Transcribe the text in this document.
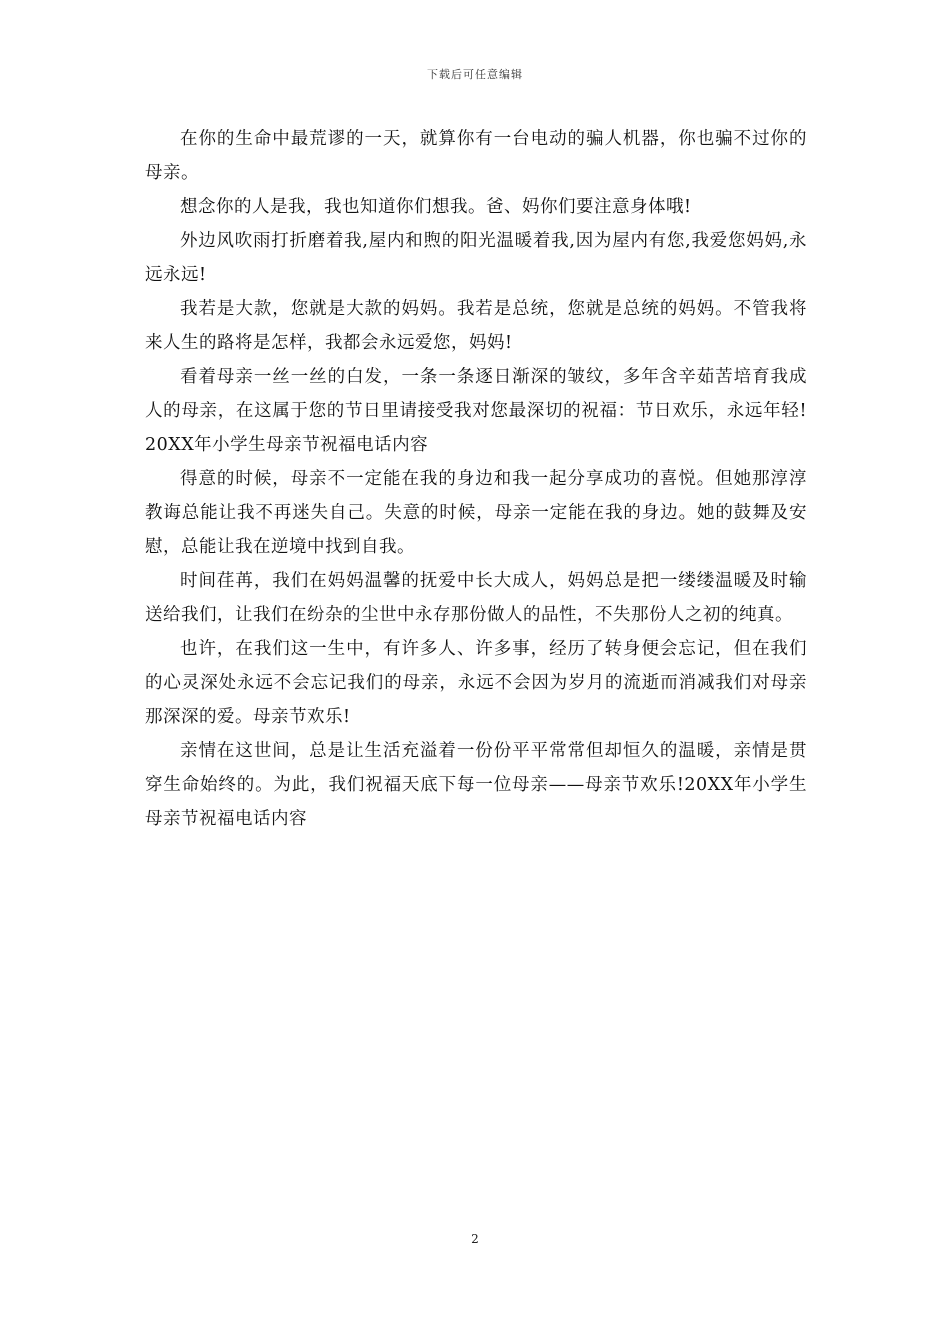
下载后可任意编辑

在你的生命中最荒谬的一天，就算你有一台电动的骗人机器，你也骗不过你的母亲。

想念你的人是我，我也知道你们想我。爸、妈你们要注意身体哦!

外边风吹雨打折磨着我,屋内和煦的阳光温暖着我,因为屋内有您,我爱您妈妈,永远永远!

我若是大款，您就是大款的妈妈。我若是总统，您就是总统的妈妈。不管我将来人生的路将是怎样，我都会永远爱您，妈妈!

看着母亲一丝一丝的白发，一条一条逐日渐深的皱纹，多年含辛茹苦培育我成人的母亲，在这属于您的节日里请接受我对您最深切的祝福：节日欢乐，永远年轻!20XX年小学生母亲节祝福电话内容

得意的时候，母亲不一定能在我的身边和我一起分享成功的喜悦。但她那淳淳教诲总能让我不再迷失自己。失意的时候，母亲一定能在我的身边。她的鼓舞及安慰，总能让我在逆境中找到自我。

时间荏苒，我们在妈妈温馨的抚爱中长大成人，妈妈总是把一缕缕温暖及时输送给我们，让我们在纷杂的尘世中永存那份做人的品性，不失那份人之初的纯真。

也许，在我们这一生中，有许多人、许多事，经历了转身便会忘记，但在我们的心灵深处永远不会忘记我们的母亲，永远不会因为岁月的流逝而消减我们对母亲那深深的爱。母亲节欢乐!

亲情在这世间，总是让生活充溢着一份份平平常常但却恒久的温暖，亲情是贯穿生命始终的。为此，我们祝福天底下每一位母亲——母亲节欢乐!20XX年小学生母亲节祝福电话内容

2
